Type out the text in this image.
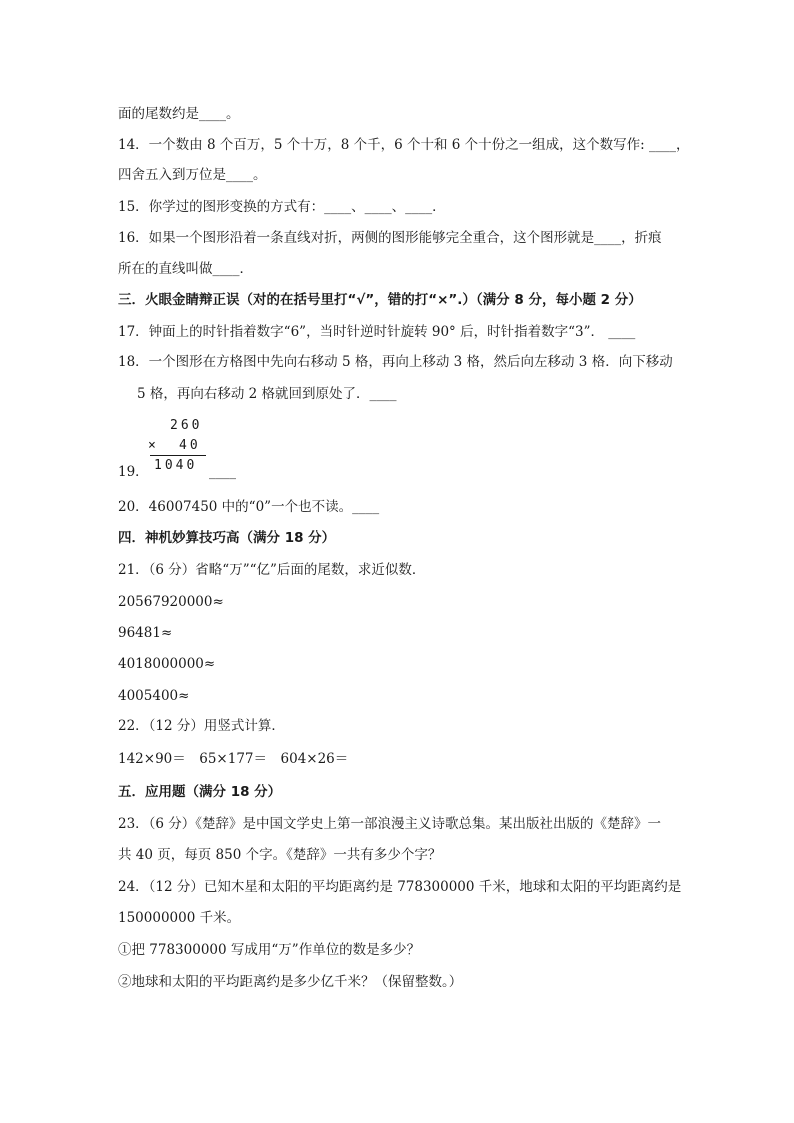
面的尾数约是____。
14．一个数由 8 个百万，5 个十万，8 个千，6 个十和 6 个十份之一组成，这个数写作: ____，
四舍五入到万位是____。
15．你学过的图形变换的方式有：____、____、____．
16．如果一个图形沿着一条直线对折，两侧的图形能够完全重合，这个图形就是____，折痕
所在的直线叫做____．
三．火眼金睛辩正误（对的在括号里打“√”，错的打“×”.）（满分 8 分，每小题 2 分）
17．钟面上的时针指着数字“6”，当时针逆时针旋转 90° 后，时针指着数字“3”． ____
18．一个图形在方格图中先向右移动 5 格，再向上移动 3 格，然后向左移动 3 格．向下移动
5 格，再向右移动 2 格就回到原处了．____
260
× 40
1040
19．	____
20．46007450 中的“0”一个也不读。____
四．神机妙算技巧高（满分 18 分）
21．（6 分）省略“万”“亿”后面的尾数，求近似数．
20567920000≈
96481≈
4018000000≈
4005400≈
22．（12 分）用竖式计算．
142×90＝　65×177＝　604×26＝
五．应用题（满分 18 分）
23．（6 分）《楚辞》是中国文学史上第一部浪漫主义诗歌总集。某出版社出版的《楚辞》一
共 40 页，每页 850 个字。《楚辞》一共有多少个字？
24．（12 分）已知木星和太阳的平均距离约是 778300000 千米，地球和太阳的平均距离约是
150000000 千米。
①把 778300000 写成用“万”作单位的数是多少？
②地球和太阳的平均距离约是多少亿千米？（保留整数。）
